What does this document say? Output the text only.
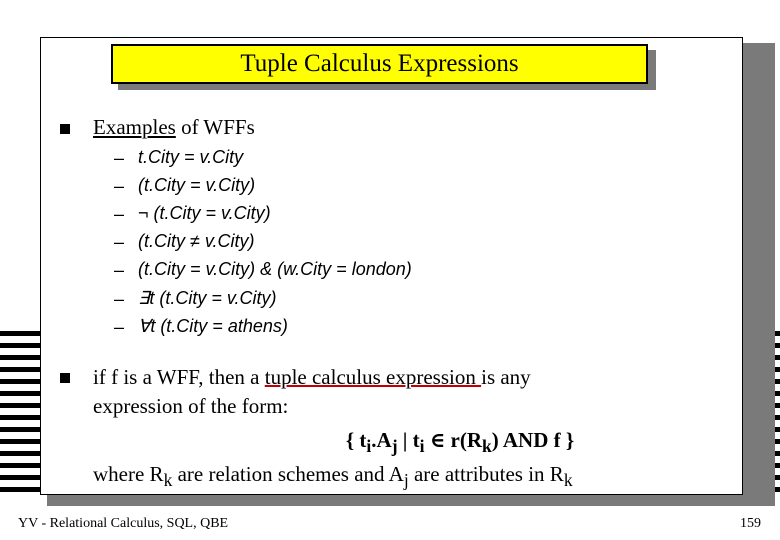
Tuple Calculus Expressions
Examples of WFFs
– t.City = v.City
– (t.City = v.City)
– ¬ (t.City = v.City)
– (t.City ≠ v.City)
– (t.City = v.City) & (w.City = london)
– ∃t (t.City = v.City)
– ∀t (t.City = athens)
if f is a WFF, then a tuple calculus expression is any
expression of the form:
{ $t_i.A_j$ | $t_i$ ∈ $r(R_k)$ AND f }
where $R_k$ are relation schemes and $A_j$ are attributes in $R_k$
YV - Relational Calculus, SQL, QBE	159
